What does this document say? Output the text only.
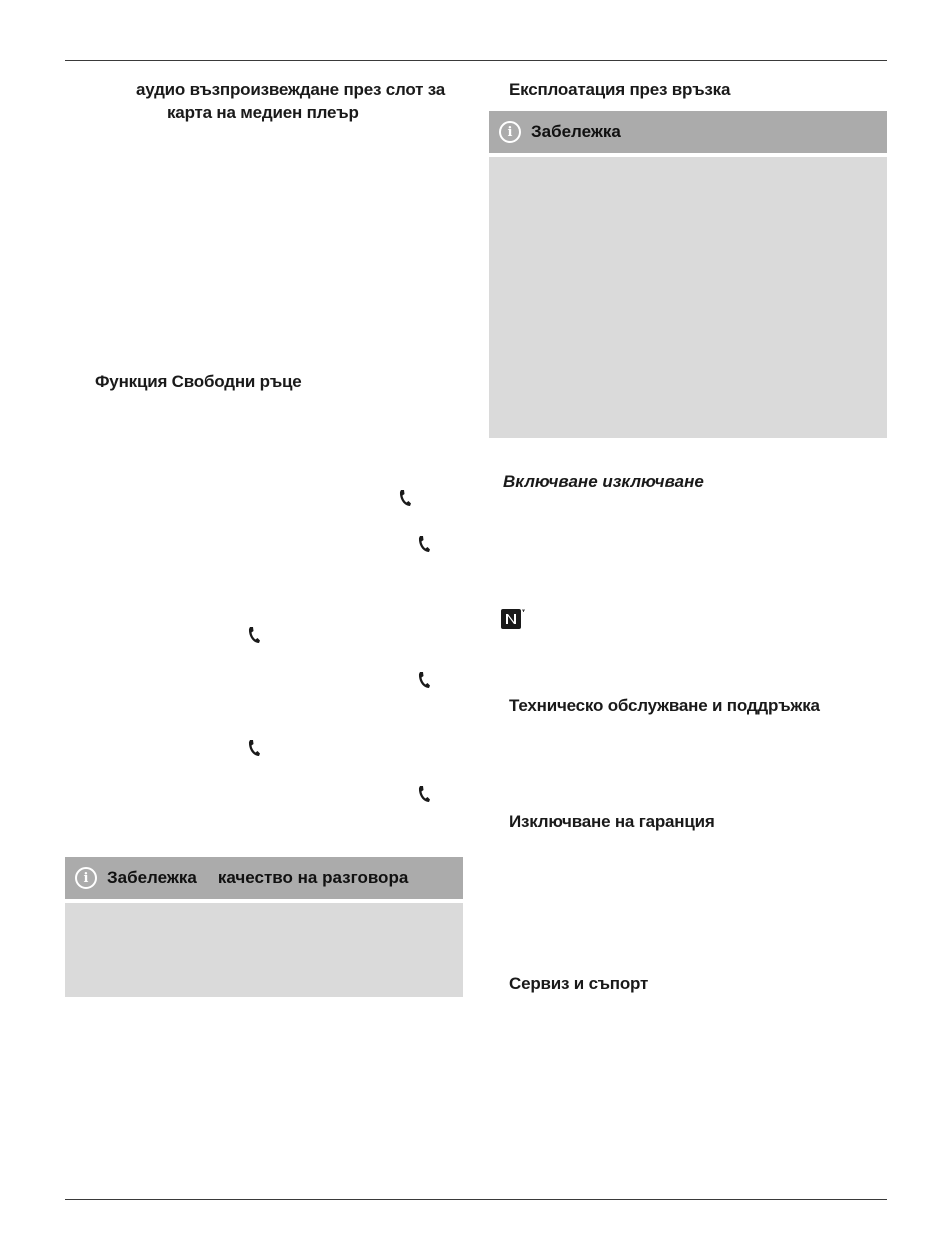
аудио възпроизвеждане през слот за
карта на медиен плеър
Функция Свободни ръце
i	Забележка качество на разговора
Експлоатация през връзка
i	Забележка
Включване изключване
Техническо обслужване и поддръжка
Изключване на гаранция
Сервиз и съпорт
